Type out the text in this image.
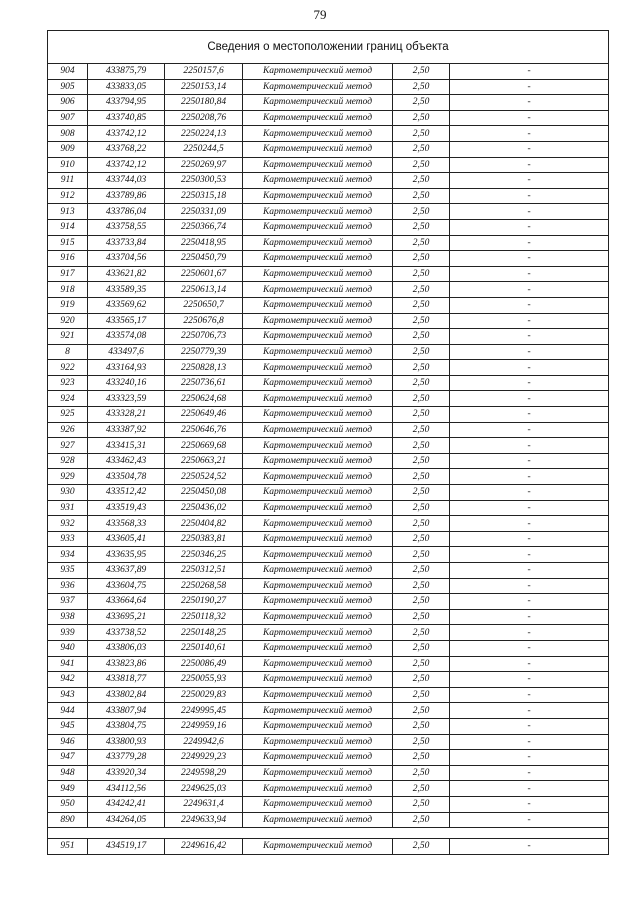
79
Сведения о местоположении границ объекта					
904	433875,79	2250157,6	Картометрический метод	2,50	-
905	433833,05	2250153,14	Картометрический метод	2,50	-
906	433794,95	2250180,84	Картометрический метод	2,50	-
907	433740,85	2250208,76	Картометрический метод	2,50	-
908	433742,12	2250224,13	Картометрический метод	2,50	-
909	433768,22	2250244,5	Картометрический метод	2,50	-
910	433742,12	2250269,97	Картометрический метод	2,50	-
911	433744,03	2250300,53	Картометрический метод	2,50	-
912	433789,86	2250315,18	Картометрический метод	2,50	-
913	433786,04	2250331,09	Картометрический метод	2,50	-
914	433758,55	2250366,74	Картометрический метод	2,50	-
915	433733,84	2250418,95	Картометрический метод	2,50	-
916	433704,56	2250450,79	Картометрический метод	2,50	-
917	433621,82	2250601,67	Картометрический метод	2,50	-
918	433589,35	2250613,14	Картометрический метод	2,50	-
919	433569,62	2250650,7	Картометрический метод	2,50	-
920	433565,17	2250676,8	Картометрический метод	2,50	-
921	433574,08	2250706,73	Картометрический метод	2,50	-
8	433497,6	2250779,39	Картометрический метод	2,50	-
922	433164,93	2250828,13	Картометрический метод	2,50	-
923	433240,16	2250736,61	Картометрический метод	2,50	-
924	433323,59	2250624,68	Картометрический метод	2,50	-
925	433328,21	2250649,46	Картометрический метод	2,50	-
926	433387,92	2250646,76	Картометрический метод	2,50	-
927	433415,31	2250669,68	Картометрический метод	2,50	-
928	433462,43	2250663,21	Картометрический метод	2,50	-
929	433504,78	2250524,52	Картометрический метод	2,50	-
930	433512,42	2250450,08	Картометрический метод	2,50	-
931	433519,43	2250436,02	Картометрический метод	2,50	-
932	433568,33	2250404,82	Картометрический метод	2,50	-
933	433605,41	2250383,81	Картометрический метод	2,50	-
934	433635,95	2250346,25	Картометрический метод	2,50	-
935	433637,89	2250312,51	Картометрический метод	2,50	-
936	433604,75	2250268,58	Картометрический метод	2,50	-
937	433664,64	2250190,27	Картометрический метод	2,50	-
938	433695,21	2250118,32	Картометрический метод	2,50	-
939	433738,52	2250148,25	Картометрический метод	2,50	-
940	433806,03	2250140,61	Картометрический метод	2,50	-
941	433823,86	2250086,49	Картометрический метод	2,50	-
942	433818,77	2250055,93	Картометрический метод	2,50	-
943	433802,84	2250029,83	Картометрический метод	2,50	-
944	433807,94	2249995,45	Картометрический метод	2,50	-
945	433804,75	2249959,16	Картометрический метод	2,50	-
946	433800,93	2249942,6	Картометрический метод	2,50	-
947	433779,28	2249929,23	Картометрический метод	2,50	-
948	433920,34	2249598,29	Картометрический метод	2,50	-
949	434112,56	2249625,03	Картометрический метод	2,50	-
950	434242,41	2249631,4	Картометрический метод	2,50	-
890	434264,05	2249633,94	Картометрический метод	2,50	-

951	434519,17	2249616,42	Картометрический метод	2,50	-
